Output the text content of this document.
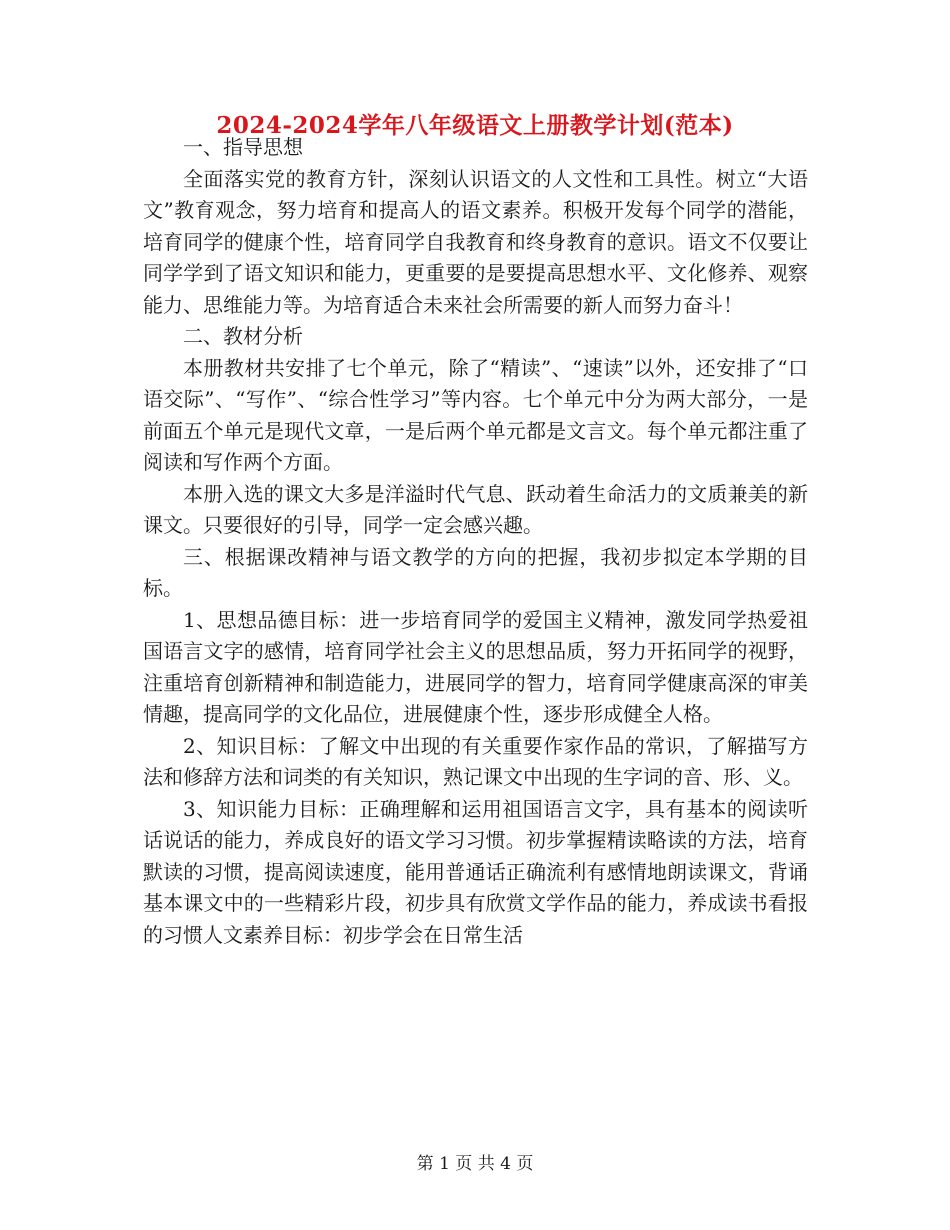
2024-2024学年八年级语文上册教学计划(范本)

一、指导思想

全面落实党的教育方针，深刻认识语文的人文性和工具性。树立“大语文”教育观念，努力培育和提高人的语文素养。积极开发每个同学的潜能，培育同学的健康个性，培育同学自我教育和终身教育的意识。语文不仅要让同学学到了语文知识和能力，更重要的是要提高思想水平、文化修养、观察能力、思维能力等。为培育适合未来社会所需要的新人而努力奋斗！

二、教材分析

本册教材共安排了七个单元，除了“精读”、“速读”以外，还安排了“口语交际”、“写作”、“综合性学习”等内容。七个单元中分为两大部分，一是前面五个单元是现代文章，一是后两个单元都是文言文。每个单元都注重了阅读和写作两个方面。

本册入选的课文大多是洋溢时代气息、跃动着生命活力的文质兼美的新课文。只要很好的引导，同学一定会感兴趣。

三、根据课改精神与语文教学的方向的把握，我初步拟定本学期的目标。

1、思想品德目标：进一步培育同学的爱国主义精神，激发同学热爱祖国语言文字的感情，培育同学社会主义的思想品质，努力开拓同学的视野，注重培育创新精神和制造能力，进展同学的智力，培育同学健康高深的审美情趣，提高同学的文化品位，进展健康个性，逐步形成健全人格。

2、知识目标：了解文中出现的有关重要作家作品的常识，了解描写方法和修辞方法和词类的有关知识，熟记课文中出现的生字词的音、形、义。

3、知识能力目标：正确理解和运用祖国语言文字，具有基本的阅读听话说话的能力，养成良好的语文学习习惯。初步掌握精读略读的方法，培育默读的习惯，提高阅读速度，能用普通话正确流利有感情地朗读课文，背诵基本课文中的一些精彩片段，初步具有欣赏文学作品的能力，养成读书看报的习惯人文素养目标：初步学会在日常生活

第 1 页 共 4 页
